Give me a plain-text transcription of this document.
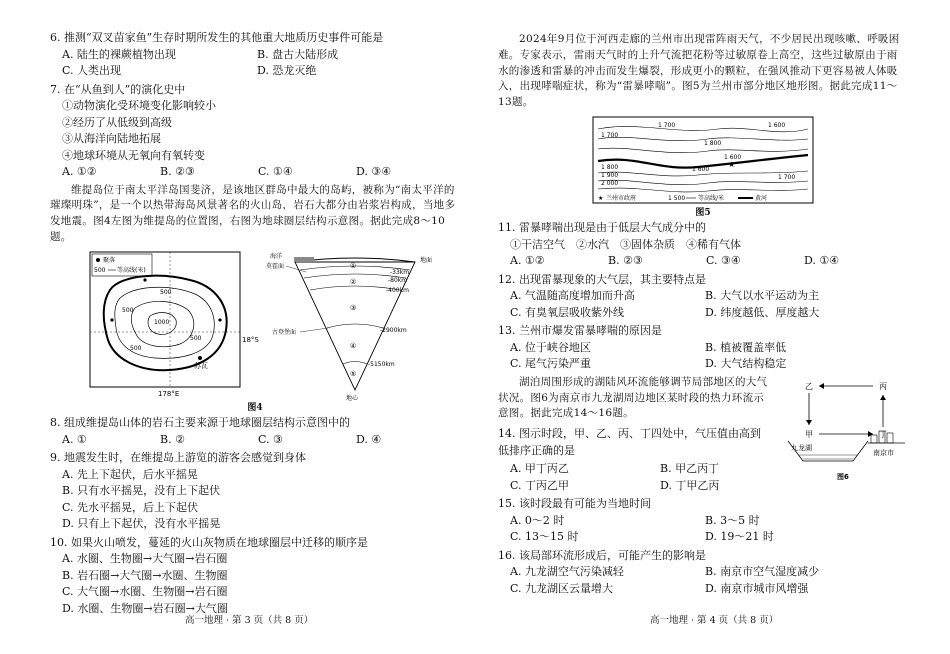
6. 推测“双叉苗家鱼”生存时期所发生的其他重大地质历史事件可能是
A. 陆生的裸蕨植物出现	B. 盘古大陆形成
C. 人类出现	D. 恐龙灭绝
7. 在“从鱼到人”的演化史中
①动物演化受环境变化影响较小
②经历了从低级到高级
③从海洋向陆地拓展
④地球环境从无氧向有氧转变
A. ①②	B. ②③	C. ①④	D. ③④
维提岛位于南太平洋岛国斐济，是该地区群岛中最大的岛屿，被称为“南太平洋的璀璨明珠”，是一个以热带海岛风景著名的火山岛，岩石大都分由岩浆岩构成，当地多发地震。图4左图为维提岛的位置图，右图为地球圈层结构示意图。据此完成8～10题。
聚落
500 等高线(米)
500
1000
500
500
500
苏瓦
18°S
178°E
海洋
莫霍面
古登堡面
地面
-33km
-80km
-400km
-2900km
-5150km
地心
①
②
③
④
⑤
图4
8. 组成维提岛山体的岩石主要来源于地球圈层结构示意图中的
A. ①	B. ②	C. ③	D. ④
9. 地震发生时，在维提岛上游览的游客会感觉到身体
A. 先上下起伏，后水平摇晃
B. 只有水平摇晃，没有上下起伏
C. 先水平摇晃，后上下起伏
D. 只有上下起伏，没有水平摇晃
10. 如果火山喷发，蔓延的火山灰物质在地球圈层中迁移的顺序是
A. 水圈、生物圈→大气圈→岩石圈
B. 岩石圈→大气圈→水圈、生物圈
C. 大气圈→水圈、生物圈→岩石圈
D. 水圈、生物圈→岩石圈→大气圈
高一地理 · 第 3 页（共 8 页）
2024年9月位于河西走廊的兰州市出现雷阵雨天气，不少居民出现咳嗽、呼吸困难。专家表示，雷雨天气时的上升气流把花粉等过敏原卷上高空，这些过敏原由于雨水的渗透和雷暴的冲击而发生爆裂，形成更小的颗粒，在强风推动下更容易被人体吸入，出现哮喘症状，称为“雷暴哮喘”。图5为兰州市部分地区地形图。据此完成11～13题。
1 700
1 700
1 600
1 800
1 900
2 000
1 800
1 600
1 600
1 700
★
★ 兰州市政府	1 500 等高线/米	黄河
图5
11. 雷暴哮喘出现是由于低层大气成分中的
①干洁空气　②水汽　③固体杂质　④稀有气体
A. ①②	B. ②③	C. ③④	D. ①④
12. 出现雷暴现象的大气层，其主要特点是
A. 气温随高度增加而升高	B. 大气以水平运动为主
C. 有臭氧层吸收紫外线	D. 纬度越低、厚度越大
13. 兰州市爆发雷暴哮喘的原因是
A. 位于峡谷地区	B. 植被覆盖率低
C. 尾气污染严重	D. 大气结构稳定
湖泊周围形成的湖陆风环流能够调节局部地区的大气状况。图6为南京市九龙湖周边地区某时段的热力环流示意图。据此完成14～16题。
14. 图示时段，甲、乙、丙、丁四处中，气压值由高到低排序正确的是
乙	丙
甲	丁
九龙湖
南京市
图6
A. 甲丁丙乙	B. 甲乙丙丁
C. 丁丙乙甲	D. 丁甲乙丙
15. 该时段最有可能为当地时间
A. 0～2 时	B. 3～5 时
C. 13～15 时	D. 19～21 时
16. 该局部环流形成后，可能产生的影响是
A. 九龙湖空气污染减轻	B. 南京市空气湿度减少
C. 九龙湖区云量增大	D. 南京市城市风增强
高一地理 · 第 4 页（共 8 页）
